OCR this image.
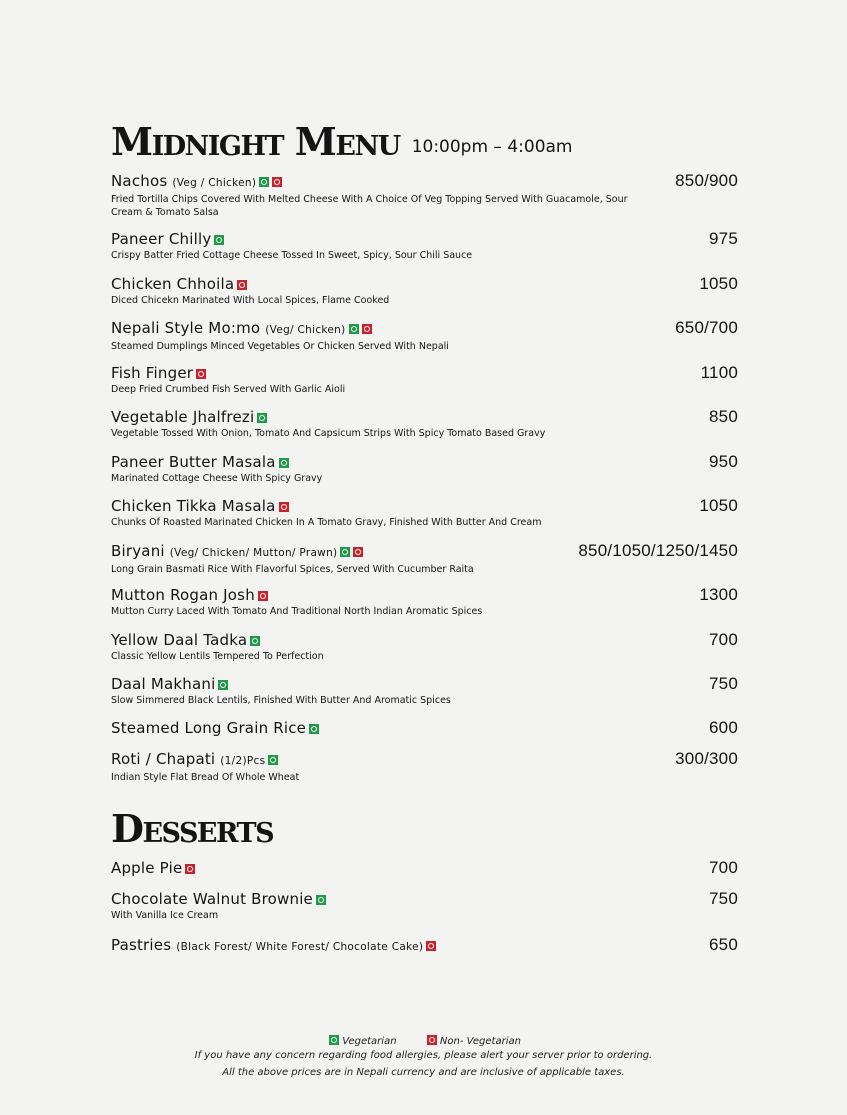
Midnight Menu 10:00pm – 4:00am
Nachos (Veg / Chicken)
Fried Tortilla Chips Covered With Melted Cheese With A Choice Of Veg Topping Served With Guacamole, Sour Cream & Tomato Salsa
850/900
Paneer Chilly
Crispy Batter Fried Cottage Cheese Tossed In Sweet, Spicy, Sour Chili Sauce
975
Chicken Chhoila
Diced Chicekn Marinated With Local Spices, Flame Cooked
1050
Nepali Style Mo:mo (Veg/ Chicken)
Steamed Dumplings Minced Vegetables Or Chicken Served With Nepali
650/700
Fish Finger
Deep Fried Crumbed Fish Served With Garlic Aioli
1100
Vegetable Jhalfrezi
Vegetable Tossed With Onion, Tomato And Capsicum Strips With Spicy Tomato Based Gravy
850
Paneer Butter Masala
Marinated Cottage Cheese With Spicy Gravy
950
Chicken Tikka Masala
Chunks Of Roasted Marinated Chicken In A Tomato Gravy, Finished With Butter And Cream
1050
Biryani (Veg/ Chicken/ Mutton/ Prawn)
Long Grain Basmati Rice With Flavorful Spices, Served With Cucumber Raita
850/1050/1250/1450
Mutton Rogan Josh
Mutton Curry Laced With Tomato And Traditional North Indian Aromatic Spices
1300
Yellow Daal Tadka
Classic Yellow Lentils Tempered To Perfection
700
Daal Makhani
Slow Simmered Black Lentils, Finished With Butter And Aromatic Spices
750
Steamed Long Grain Rice	600
Roti / Chapati (1/2)Pcs
Indian Style Flat Bread Of Whole Wheat
300/300
Desserts
Apple Pie	700
Chocolate Walnut Brownie
With Vanilla Ice Cream
750
Pastries (Black Forest/ White Forest/ Chocolate Cake)	650
Vegetarian	Non- Vegetarian
If you have any concern regarding food allergies, please alert your server prior to ordering.
All the above prices are in Nepali currency and are inclusive of applicable taxes.
